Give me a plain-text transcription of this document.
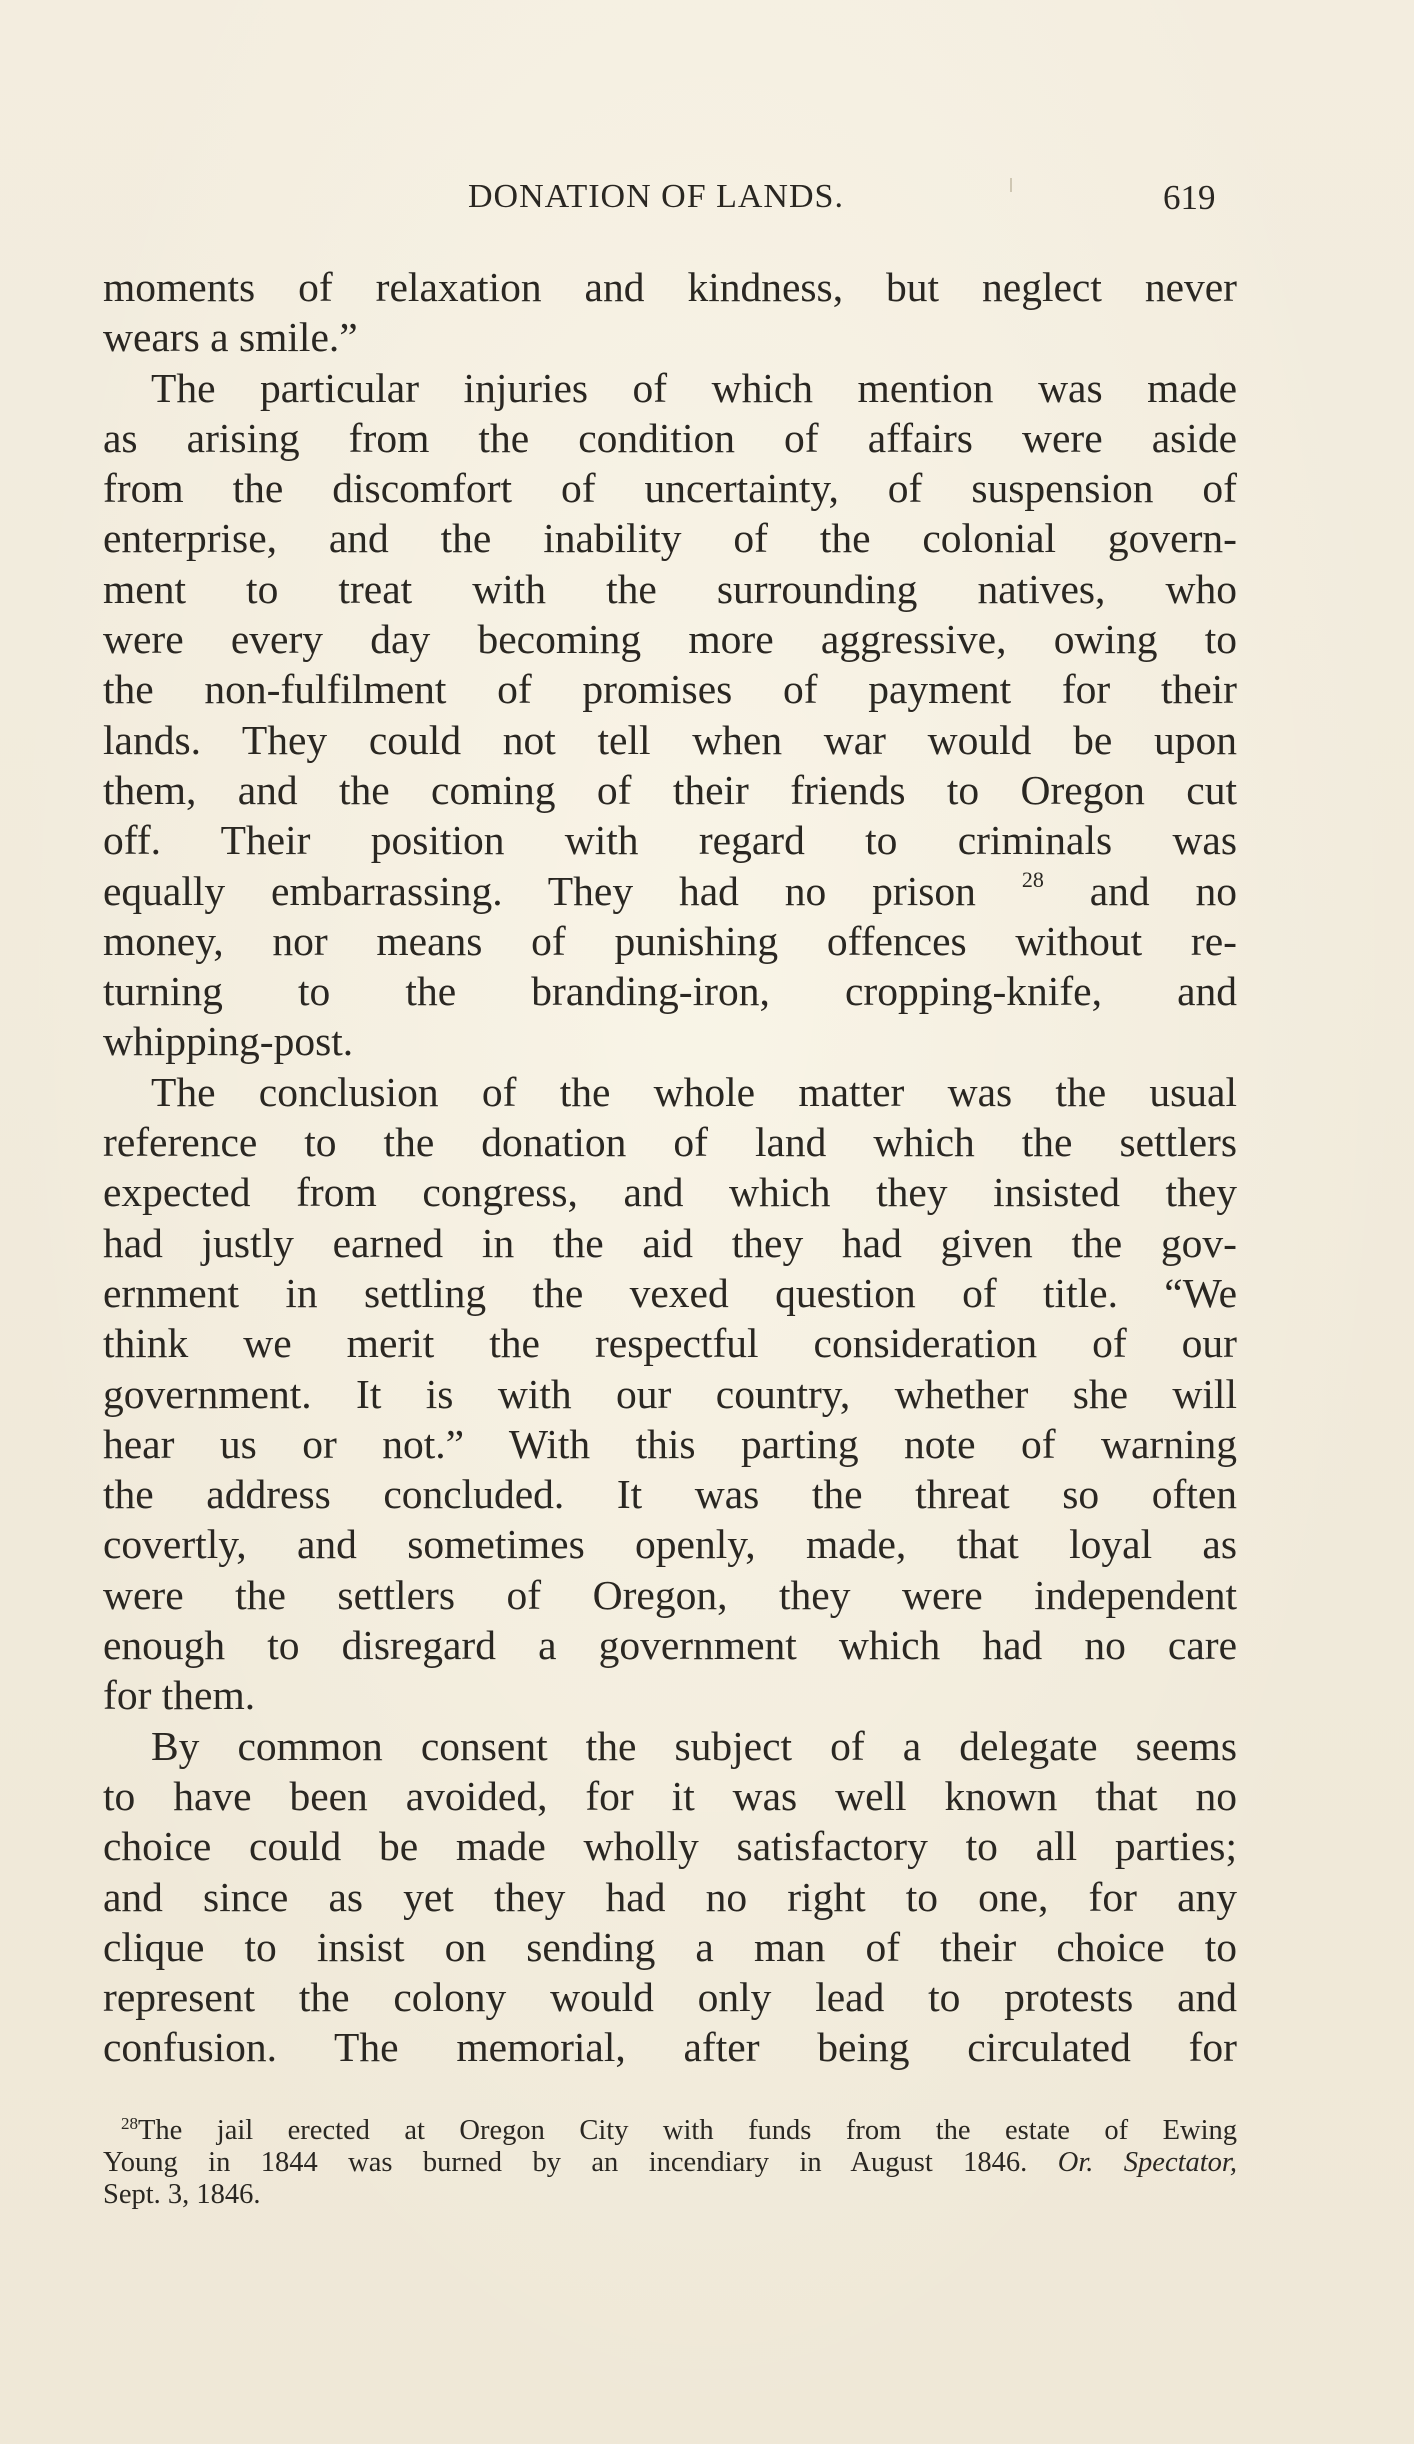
DONATION OF LANDS.	619
moments of relaxation and kindness, but neglect never
wears a smile.”
The particular injuries of which mention was made
as arising from the condition of affairs were aside
from the discomfort of uncertainty, of suspension of
enterprise, and the inability of the colonial govern-
ment to treat with the surrounding natives, who
were every day becoming more aggressive, owing to
the non-fulfilment of promises of payment for their
lands. They could not tell when war would be upon
them, and the coming of their friends to Oregon cut
off. Their position with regard to criminals was
equally embarrassing. They had no prison $^{28}$ and no
money, nor means of punishing offences without re-
turning to the branding-iron, cropping-knife, and
whipping-post.
The conclusion of the whole matter was the usual
reference to the donation of land which the settlers
expected from congress, and which they insisted they
had justly earned in the aid they had given the gov-
ernment in settling the vexed question of title. “We
think we merit the respectful consideration of our
government. It is with our country, whether she will
hear us or not.” With this parting note of warning
the address concluded. It was the threat so often
covertly, and sometimes openly, made, that loyal as
were the settlers of Oregon, they were independent
enough to disregard a government which had no care
for them.
By common consent the subject of a delegate seems
to have been avoided, for it was well known that no
choice could be made wholly satisfactory to all parties;
and since as yet they had no right to one, for any
clique to insist on sending a man of their choice to
represent the colony would only lead to protests and
confusion. The memorial, after being circulated for
$^{28}$The jail erected at Oregon City with funds from the estate of Ewing
Young in 1844 was burned by an incendiary in August 1846. Or. Spectator,
Sept. 3, 1846.
